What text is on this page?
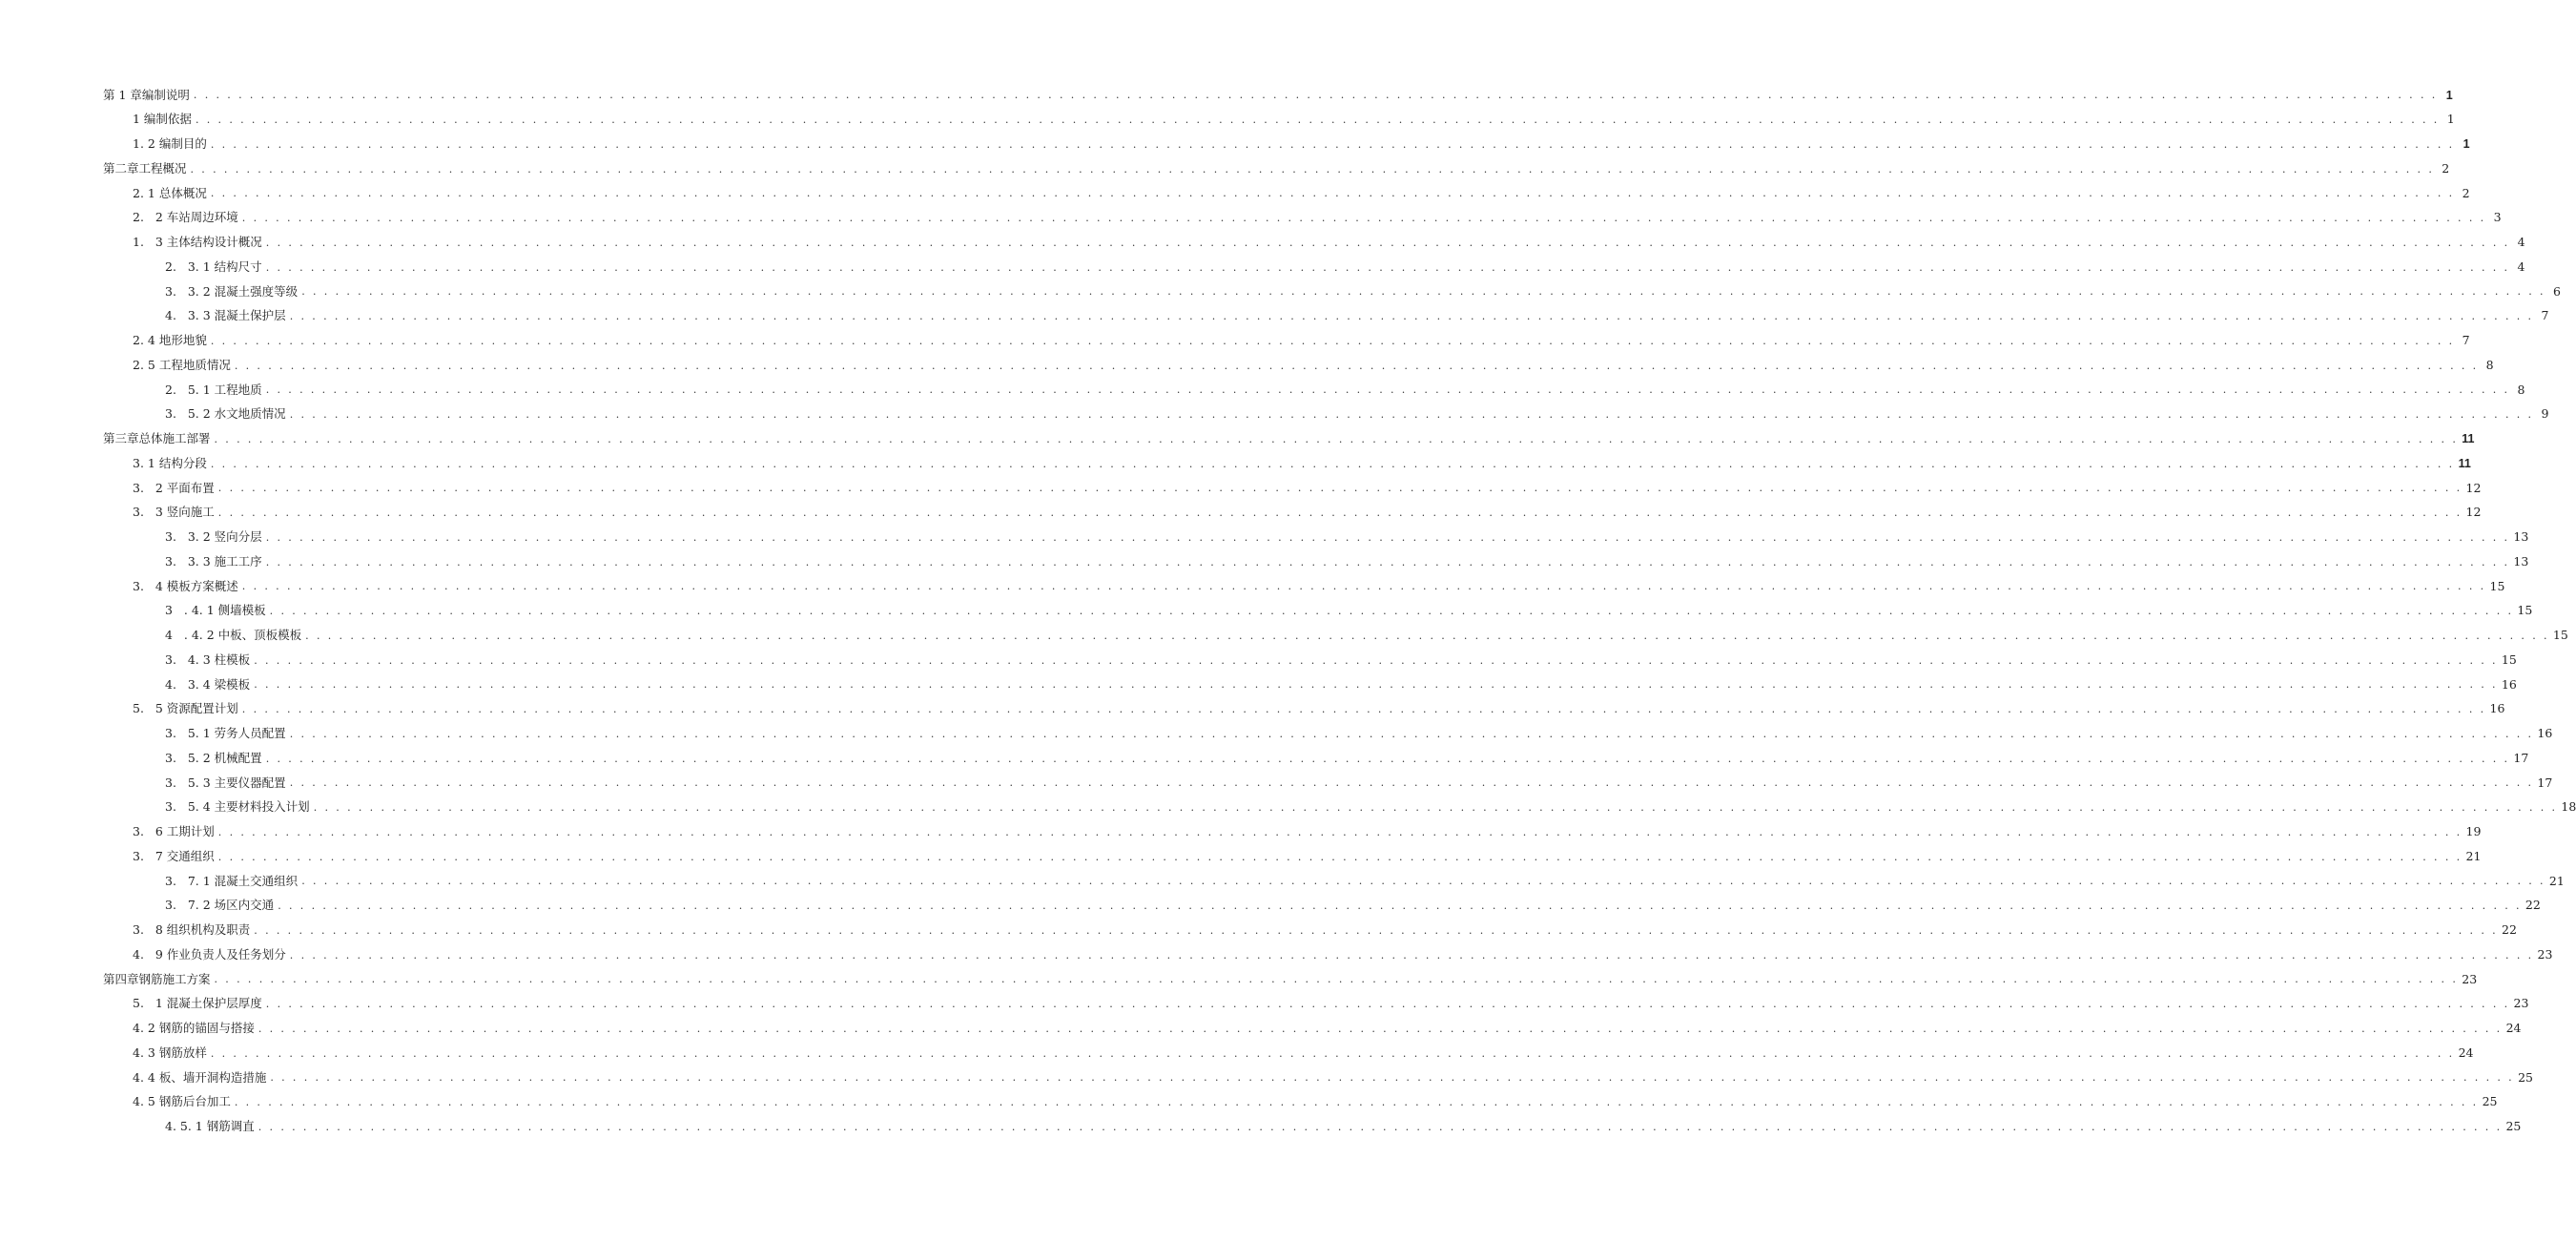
第 1 章编制说明 . . . . . . . . . . . . . . . . . . . . . . . . . . . . . . . . . . . . . . . . . . . . . . . . . . . . . . . . . . . . . . . . . . . . . . . . . . . . . . . . . . . . . . . . . . . . . . . . . . . . . . . . . . . . . . . . . . . . . . . . . . . . . . . . . . . . . . . . . . . . . . . . . . . . . . . . . . . . . . . . . . . . . . . . . . . . . . . . . . . . . . . . . . . . . . . . . . . . . . . . 1
1 编制依据 . . . . . . . . . . . . . . . . . . . . . . . . . . . . . . . . . . . . . . . . . . . . . . . . . . . . . . . . . . . . . . . . . . . . . . . . . . . . . . . . . . . . . . . . . . . . . . . . . . . . . . . . . . . . . . . . . . . . . . . . . . . . . . . . . . . . . . . . . . . . . . . . . . . . . . . . . . . . . . . . . . . . . . . . . . . . . . . . . . . . . . . . . . . . . . . . . . . . . . . . 1
1. 2 编制目的 . . . . . . . . . . . . . . . . . . . . . . . . . . . . . . . . . . . . . . . . . . . . . . . . . . . . . . . . . . . . . . . . . . . . . . . . . . . . . . . . . . . . . . . . . . . . . . . . . . . . . . . . . . . . . . . . . . . . . . . . . . . . . . . . . . . . . . . . . . . . . . . . . . . . . . . . . . . . . . . . . . . . . . . . . . . . . . . . . . . . . . . . . . . . . . . . . . . . . . . . 1
第二章工程概况 . . . . . . . . . . . . . . . . . . . . . . . . . . . . . . . . . . . . . . . . . . . . . . . . . . . . . . . . . . . . . . . . . . . . . . . . . . . . . . . . . . . . . . . . . . . . . . . . . . . . . . . . . . . . . . . . . . . . . . . . . . . . . . . . . . . . . . . . . . . . . . . . . . . . . . . . . . . . . . . . . . . . . . . . . . . . . . . . . . . . . . . . . . . . . . . . . . . . . . . . 2
2. 1 总体概况 . . . . . . . . . . . . . . . . . . . . . . . . . . . . . . . . . . . . . . . . . . . . . . . . . . . . . . . . . . . . . . . . . . . . . . . . . . . . . . . . . . . . . . . . . . . . . . . . . . . . . . . . . . . . . . . . . . . . . . . . . . . . . . . . . . . . . . . . . . . . . . . . . . . . . . . . . . . . . . . . . . . . . . . . . . . . . . . . . . . . . . . . . . . . . . . . . . . . . . . . 2
2.   2 车站周边环境 . . . . . . . . . . . . . . . . . . . . . . . . . . . . . . . . . . . . . . . . . . . . . . . . . . . . . . . . . . . . . . . . . . . . . . . . . . . . . . . . . . . . . . . . . . . . . . . . . . . . . . . . . . . . . . . . . . . . . . . . . . . . . . . . . . . . . . . . . . . . . . . . . . . . . . . . . . . . . . . . . . . . . . . . . . . . . . . . . . . . . . . . . . . . . . . . . . . . . . . . 3
1.   3 主体结构设计概况 . . . . . . . . . . . . . . . . . . . . . . . . . . . . . . . . . . . . . . . . . . . . . . . . . . . . . . . . . . . . . . . . . . . . . . . . . . . . . . . . . . . . . . . . . . . . . . . . . . . . . . . . . . . . . . . . . . . . . . . . . . . . . . . . . . . . . . . . . . . . . . . . . . . . . . . . . . . . . . . . . . . . . . . . . . . . . . . . . . . . . . . . . . . . . . . . . . . . . . . . 4
2.   3. 1 结构尺寸 . . . . . . . . . . . . . . . . . . . . . . . . . . . . . . . . . . . . . . . . . . . . . . . . . . . . . . . . . . . . . . . . . . . . . . . . . . . . . . . . . . . . . . . . . . . . . . . . . . . . . . . . . . . . . . . . . . . . . . . . . . . . . . . . . . . . . . . . . . . . . . . . . . . . . . . . . . . . . . . . . . . . . . . . . . . . . . . . . . . . . . . . . . . . . . . . . . . . . . . . 4
3.   3. 2 混凝土强度等级 . . . . . . . . . . . . . . . . . . . . . . . . . . . . . . . . . . . . . . . . . . . . . . . . . . . . . . . . . . . . . . . . . . . . . . . . . . . . . . . . . . . . . . . . . . . . . . . . . . . . . . . . . . . . . . . . . . . . . . . . . . . . . . . . . . . . . . . . . . . . . . . . . . . . . . . . . . . . . . . . . . . . . . . . . . . . . . . . . . . . . . . . . . . . . . . . . . . . . . . . 6
4.   3. 3 混凝土保护层 . . . . . . . . . . . . . . . . . . . . . . . . . . . . . . . . . . . . . . . . . . . . . . . . . . . . . . . . . . . . . . . . . . . . . . . . . . . . . . . . . . . . . . . . . . . . . . . . . . . . . . . . . . . . . . . . . . . . . . . . . . . . . . . . . . . . . . . . . . . . . . . . . . . . . . . . . . . . . . . . . . . . . . . . . . . . . . . . . . . . . . . . . . . . . . . . . . . . . . . . 7
2. 4 地形地貌 . . . . . . . . . . . . . . . . . . . . . . . . . . . . . . . . . . . . . . . . . . . . . . . . . . . . . . . . . . . . . . . . . . . . . . . . . . . . . . . . . . . . . . . . . . . . . . . . . . . . . . . . . . . . . . . . . . . . . . . . . . . . . . . . . . . . . . . . . . . . . . . . . . . . . . . . . . . . . . . . . . . . . . . . . . . . . . . . . . . . . . . . . . . . . . . . . . . . . . . . 7
2. 5 工程地质情况 . . . . . . . . . . . . . . . . . . . . . . . . . . . . . . . . . . . . . . . . . . . . . . . . . . . . . . . . . . . . . . . . . . . . . . . . . . . . . . . . . . . . . . . . . . . . . . . . . . . . . . . . . . . . . . . . . . . . . . . . . . . . . . . . . . . . . . . . . . . . . . . . . . . . . . . . . . . . . . . . . . . . . . . . . . . . . . . . . . . . . . . . . . . . . . . . . . . . . . . . 8
2.   5. 1 工程地质 . . . . . . . . . . . . . . . . . . . . . . . . . . . . . . . . . . . . . . . . . . . . . . . . . . . . . . . . . . . . . . . . . . . . . . . . . . . . . . . . . . . . . . . . . . . . . . . . . . . . . . . . . . . . . . . . . . . . . . . . . . . . . . . . . . . . . . . . . . . . . . . . . . . . . . . . . . . . . . . . . . . . . . . . . . . . . . . . . . . . . . . . . . . . . . . . . . . . . . . . 8
3.   5. 2 水文地质情况 . . . . . . . . . . . . . . . . . . . . . . . . . . . . . . . . . . . . . . . . . . . . . . . . . . . . . . . . . . . . . . . . . . . . . . . . . . . . . . . . . . . . . . . . . . . . . . . . . . . . . . . . . . . . . . . . . . . . . . . . . . . . . . . . . . . . . . . . . . . . . . . . . . . . . . . . . . . . . . . . . . . . . . . . . . . . . . . . . . . . . . . . . . . . . . . . . . . . . . . . 9
第三章总体施工部署 . . . . . . . . . . . . . . . . . . . . . . . . . . . . . . . . . . . . . . . . . . . . . . . . . . . . . . . . . . . . . . . . . . . . . . . . . . . . . . . . . . . . . . . . . . . . . . . . . . . . . . . . . . . . . . . . . . . . . . . . . . . . . . . . . . . . . . . . . . . . . . . . . . . . . . . . . . . . . . . . . . . . . . . . . . . . . . . . . . . . . . . . . . . . . . . . . . . . . . . . 11
3. 1 结构分段 . . . . . . . . . . . . . . . . . . . . . . . . . . . . . . . . . . . . . . . . . . . . . . . . . . . . . . . . . . . . . . . . . . . . . . . . . . . . . . . . . . . . . . . . . . . . . . . . . . . . . . . . . . . . . . . . . . . . . . . . . . . . . . . . . . . . . . . . . . . . . . . . . . . . . . . . . . . . . . . . . . . . . . . . . . . . . . . . . . . . . . . . . . . . . . . . . . . . . . . . 11
3.   2 平面布置 . . . . . . . . . . . . . . . . . . . . . . . . . . . . . . . . . . . . . . . . . . . . . . . . . . . . . . . . . . . . . . . . . . . . . . . . . . . . . . . . . . . . . . . . . . . . . . . . . . . . . . . . . . . . . . . . . . . . . . . . . . . . . . . . . . . . . . . . . . . . . . . . . . . . . . . . . . . . . . . . . . . . . . . . . . . . . . . . . . . . . . . . . . . . . . . . . . . . . . . . 12
3.   3 竖向施工 . . . . . . . . . . . . . . . . . . . . . . . . . . . . . . . . . . . . . . . . . . . . . . . . . . . . . . . . . . . . . . . . . . . . . . . . . . . . . . . . . . . . . . . . . . . . . . . . . . . . . . . . . . . . . . . . . . . . . . . . . . . . . . . . . . . . . . . . . . . . . . . . . . . . . . . . . . . . . . . . . . . . . . . . . . . . . . . . . . . . . . . . . . . . . . . . . . . . . . . . 12
3.   3. 2 竖向分层 . . . . . . . . . . . . . . . . . . . . . . . . . . . . . . . . . . . . . . . . . . . . . . . . . . . . . . . . . . . . . . . . . . . . . . . . . . . . . . . . . . . . . . . . . . . . . . . . . . . . . . . . . . . . . . . . . . . . . . . . . . . . . . . . . . . . . . . . . . . . . . . . . . . . . . . . . . . . . . . . . . . . . . . . . . . . . . . . . . . . . . . . . . . . . . . . . . . . . . . . 13
3.   3. 3 施工工序 . . . . . . . . . . . . . . . . . . . . . . . . . . . . . . . . . . . . . . . . . . . . . . . . . . . . . . . . . . . . . . . . . . . . . . . . . . . . . . . . . . . . . . . . . . . . . . . . . . . . . . . . . . . . . . . . . . . . . . . . . . . . . . . . . . . . . . . . . . . . . . . . . . . . . . . . . . . . . . . . . . . . . . . . . . . . . . . . . . . . . . . . . . . . . . . . . . . . . . . . 13
3.   4 模板方案概述 . . . . . . . . . . . . . . . . . . . . . . . . . . . . . . . . . . . . . . . . . . . . . . . . . . . . . . . . . . . . . . . . . . . . . . . . . . . . . . . . . . . . . . . . . . . . . . . . . . . . . . . . . . . . . . . . . . . . . . . . . . . . . . . . . . . . . . . . . . . . . . . . . . . . . . . . . . . . . . . . . . . . . . . . . . . . . . . . . . . . . . . . . . . . . . . . . . . . . . . . 15
3   . 4. 1 侧墙模板 . . . . . . . . . . . . . . . . . . . . . . . . . . . . . . . . . . . . . . . . . . . . . . . . . . . . . . . . . . . . . . . . . . . . . . . . . . . . . . . . . . . . . . . . . . . . . . . . . . . . . . . . . . . . . . . . . . . . . . . . . . . . . . . . . . . . . . . . . . . . . . . . . . . . . . . . . . . . . . . . . . . . . . . . . . . . . . . . . . . . . . . . . . . . . . . . . . . . . . . . 15
4   . 4. 2 中板、顶板模板 . . . . . . . . . . . . . . . . . . . . . . . . . . . . . . . . . . . . . . . . . . . . . . . . . . . . . . . . . . . . . . . . . . . . . . . . . . . . . . . . . . . . . . . . . . . . . . . . . . . . . . . . . . . . . . . . . . . . . . . . . . . . . . . . . . . . . . . . . . . . . . . . . . . . . . . . . . . . . . . . . . . . . . . . . . . . . . . . . . . . . . . . . . . . . . . . . . . . . . . . 15
3.   4. 3 柱模板 . . . . . . . . . . . . . . . . . . . . . . . . . . . . . . . . . . . . . . . . . . . . . . . . . . . . . . . . . . . . . . . . . . . . . . . . . . . . . . . . . . . . . . . . . . . . . . . . . . . . . . . . . . . . . . . . . . . . . . . . . . . . . . . . . . . . . . . . . . . . . . . . . . . . . . . . . . . . . . . . . . . . . . . . . . . . . . . . . . . . . . . . . . . . . . . . . . . . . . . . 15
4.   3. 4 梁模板 . . . . . . . . . . . . . . . . . . . . . . . . . . . . . . . . . . . . . . . . . . . . . . . . . . . . . . . . . . . . . . . . . . . . . . . . . . . . . . . . . . . . . . . . . . . . . . . . . . . . . . . . . . . . . . . . . . . . . . . . . . . . . . . . . . . . . . . . . . . . . . . . . . . . . . . . . . . . . . . . . . . . . . . . . . . . . . . . . . . . . . . . . . . . . . . . . . . . . . . . 16
5.   5 资源配置计划 . . . . . . . . . . . . . . . . . . . . . . . . . . . . . . . . . . . . . . . . . . . . . . . . . . . . . . . . . . . . . . . . . . . . . . . . . . . . . . . . . . . . . . . . . . . . . . . . . . . . . . . . . . . . . . . . . . . . . . . . . . . . . . . . . . . . . . . . . . . . . . . . . . . . . . . . . . . . . . . . . . . . . . . . . . . . . . . . . . . . . . . . . . . . . . . . . . . . . . . . 16
3.   5. 1 劳务人员配置 . . . . . . . . . . . . . . . . . . . . . . . . . . . . . . . . . . . . . . . . . . . . . . . . . . . . . . . . . . . . . . . . . . . . . . . . . . . . . . . . . . . . . . . . . . . . . . . . . . . . . . . . . . . . . . . . . . . . . . . . . . . . . . . . . . . . . . . . . . . . . . . . . . . . . . . . . . . . . . . . . . . . . . . . . . . . . . . . . . . . . . . . . . . . . . . . . . . . . . . . 16
3.   5. 2 机械配置 . . . . . . . . . . . . . . . . . . . . . . . . . . . . . . . . . . . . . . . . . . . . . . . . . . . . . . . . . . . . . . . . . . . . . . . . . . . . . . . . . . . . . . . . . . . . . . . . . . . . . . . . . . . . . . . . . . . . . . . . . . . . . . . . . . . . . . . . . . . . . . . . . . . . . . . . . . . . . . . . . . . . . . . . . . . . . . . . . . . . . . . . . . . . . . . . . . . . . . . . 17
3.   5. 3 主要仪器配置 . . . . . . . . . . . . . . . . . . . . . . . . . . . . . . . . . . . . . . . . . . . . . . . . . . . . . . . . . . . . . . . . . . . . . . . . . . . . . . . . . . . . . . . . . . . . . . . . . . . . . . . . . . . . . . . . . . . . . . . . . . . . . . . . . . . . . . . . . . . . . . . . . . . . . . . . . . . . . . . . . . . . . . . . . . . . . . . . . . . . . . . . . . . . . . . . . . . . . . . . 17
3.   5. 4 主要材料投入计划 . . . . . . . . . . . . . . . . . . . . . . . . . . . . . . . . . . . . . . . . . . . . . . . . . . . . . . . . . . . . . . . . . . . . . . . . . . . . . . . . . . . . . . . . . . . . . . . . . . . . . . . . . . . . . . . . . . . . . . . . . . . . . . . . . . . . . . . . . . . . . . . . . . . . . . . . . . . . . . . . . . . . . . . . . . . . . . . . . . . . . . . . . . . . . . . . . . . . . . . . 18
3.   6 工期计划 . . . . . . . . . . . . . . . . . . . . . . . . . . . . . . . . . . . . . . . . . . . . . . . . . . . . . . . . . . . . . . . . . . . . . . . . . . . . . . . . . . . . . . . . . . . . . . . . . . . . . . . . . . . . . . . . . . . . . . . . . . . . . . . . . . . . . . . . . . . . . . . . . . . . . . . . . . . . . . . . . . . . . . . . . . . . . . . . . . . . . . . . . . . . . . . . . . . . . . . . 19
3.   7 交通组织 . . . . . . . . . . . . . . . . . . . . . . . . . . . . . . . . . . . . . . . . . . . . . . . . . . . . . . . . . . . . . . . . . . . . . . . . . . . . . . . . . . . . . . . . . . . . . . . . . . . . . . . . . . . . . . . . . . . . . . . . . . . . . . . . . . . . . . . . . . . . . . . . . . . . . . . . . . . . . . . . . . . . . . . . . . . . . . . . . . . . . . . . . . . . . . . . . . . . . . . . 21
3.   7. 1 混凝土交通组织 . . . . . . . . . . . . . . . . . . . . . . . . . . . . . . . . . . . . . . . . . . . . . . . . . . . . . . . . . . . . . . . . . . . . . . . . . . . . . . . . . . . . . . . . . . . . . . . . . . . . . . . . . . . . . . . . . . . . . . . . . . . . . . . . . . . . . . . . . . . . . . . . . . . . . . . . . . . . . . . . . . . . . . . . . . . . . . . . . . . . . . . . . . . . . . . . . . . . . . . . 21
3.   7. 2 场区内交通 . . . . . . . . . . . . . . . . . . . . . . . . . . . . . . . . . . . . . . . . . . . . . . . . . . . . . . . . . . . . . . . . . . . . . . . . . . . . . . . . . . . . . . . . . . . . . . . . . . . . . . . . . . . . . . . . . . . . . . . . . . . . . . . . . . . . . . . . . . . . . . . . . . . . . . . . . . . . . . . . . . . . . . . . . . . . . . . . . . . . . . . . . . . . . . . . . . . . . . . . 22
3.   8 组织机构及职责 . . . . . . . . . . . . . . . . . . . . . . . . . . . . . . . . . . . . . . . . . . . . . . . . . . . . . . . . . . . . . . . . . . . . . . . . . . . . . . . . . . . . . . . . . . . . . . . . . . . . . . . . . . . . . . . . . . . . . . . . . . . . . . . . . . . . . . . . . . . . . . . . . . . . . . . . . . . . . . . . . . . . . . . . . . . . . . . . . . . . . . . . . . . . . . . . . . . . . . . . 22
4.   9 作业负责人及任务划分 . . . . . . . . . . . . . . . . . . . . . . . . . . . . . . . . . . . . . . . . . . . . . . . . . . . . . . . . . . . . . . . . . . . . . . . . . . . . . . . . . . . . . . . . . . . . . . . . . . . . . . . . . . . . . . . . . . . . . . . . . . . . . . . . . . . . . . . . . . . . . . . . . . . . . . . . . . . . . . . . . . . . . . . . . . . . . . . . . . . . . . . . . . . . . . . . . . . . . . . . 23
第四章钢筋施工方案 . . . . . . . . . . . . . . . . . . . . . . . . . . . . . . . . . . . . . . . . . . . . . . . . . . . . . . . . . . . . . . . . . . . . . . . . . . . . . . . . . . . . . . . . . . . . . . . . . . . . . . . . . . . . . . . . . . . . . . . . . . . . . . . . . . . . . . . . . . . . . . . . . . . . . . . . . . . . . . . . . . . . . . . . . . . . . . . . . . . . . . . . . . . . . . . . . . . . . . . . 23
5.   1 混凝土保护层厚度 . . . . . . . . . . . . . . . . . . . . . . . . . . . . . . . . . . . . . . . . . . . . . . . . . . . . . . . . . . . . . . . . . . . . . . . . . . . . . . . . . . . . . . . . . . . . . . . . . . . . . . . . . . . . . . . . . . . . . . . . . . . . . . . . . . . . . . . . . . . . . . . . . . . . . . . . . . . . . . . . . . . . . . . . . . . . . . . . . . . . . . . . . . . . . . . . . . . . . . . . 23
4. 2 钢筋的锚固与搭接 . . . . . . . . . . . . . . . . . . . . . . . . . . . . . . . . . . . . . . . . . . . . . . . . . . . . . . . . . . . . . . . . . . . . . . . . . . . . . . . . . . . . . . . . . . . . . . . . . . . . . . . . . . . . . . . . . . . . . . . . . . . . . . . . . . . . . . . . . . . . . . . . . . . . . . . . . . . . . . . . . . . . . . . . . . . . . . . . . . . . . . . . . . . . . . . . . . . . . . . . 24
4. 3 钢筋放样 . . . . . . . . . . . . . . . . . . . . . . . . . . . . . . . . . . . . . . . . . . . . . . . . . . . . . . . . . . . . . . . . . . . . . . . . . . . . . . . . . . . . . . . . . . . . . . . . . . . . . . . . . . . . . . . . . . . . . . . . . . . . . . . . . . . . . . . . . . . . . . . . . . . . . . . . . . . . . . . . . . . . . . . . . . . . . . . . . . . . . . . . . . . . . . . . . . . . . . . . 24
4. 4 板、墙开洞构造措施 . . . . . . . . . . . . . . . . . . . . . . . . . . . . . . . . . . . . . . . . . . . . . . . . . . . . . . . . . . . . . . . . . . . . . . . . . . . . . . . . . . . . . . . . . . . . . . . . . . . . . . . . . . . . . . . . . . . . . . . . . . . . . . . . . . . . . . . . . . . . . . . . . . . . . . . . . . . . . . . . . . . . . . . . . . . . . . . . . . . . . . . . . . . . . . . . . . . . . . . . 25
4. 5 钢筋后台加工 . . . . . . . . . . . . . . . . . . . . . . . . . . . . . . . . . . . . . . . . . . . . . . . . . . . . . . . . . . . . . . . . . . . . . . . . . . . . . . . . . . . . . . . . . . . . . . . . . . . . . . . . . . . . . . . . . . . . . . . . . . . . . . . . . . . . . . . . . . . . . . . . . . . . . . . . . . . . . . . . . . . . . . . . . . . . . . . . . . . . . . . . . . . . . . . . . . . . . . . . 25
4. 5. 1 钢筋调直 . . . . . . . . . . . . . . . . . . . . . . . . . . . . . . . . . . . . . . . . . . . . . . . . . . . . . . . . . . . . . . . . . . . . . . . . . . . . . . . . . . . . . . . . . . . . . . . . . . . . . . . . . . . . . . . . . . . . . . . . . . . . . . . . . . . . . . . . . . . . . . . . . . . . . . . . . . . . . . . . . . . . . . . . . . . . . . . . . . . . . . . . . . . . . . . . . . . . . . . . 25
